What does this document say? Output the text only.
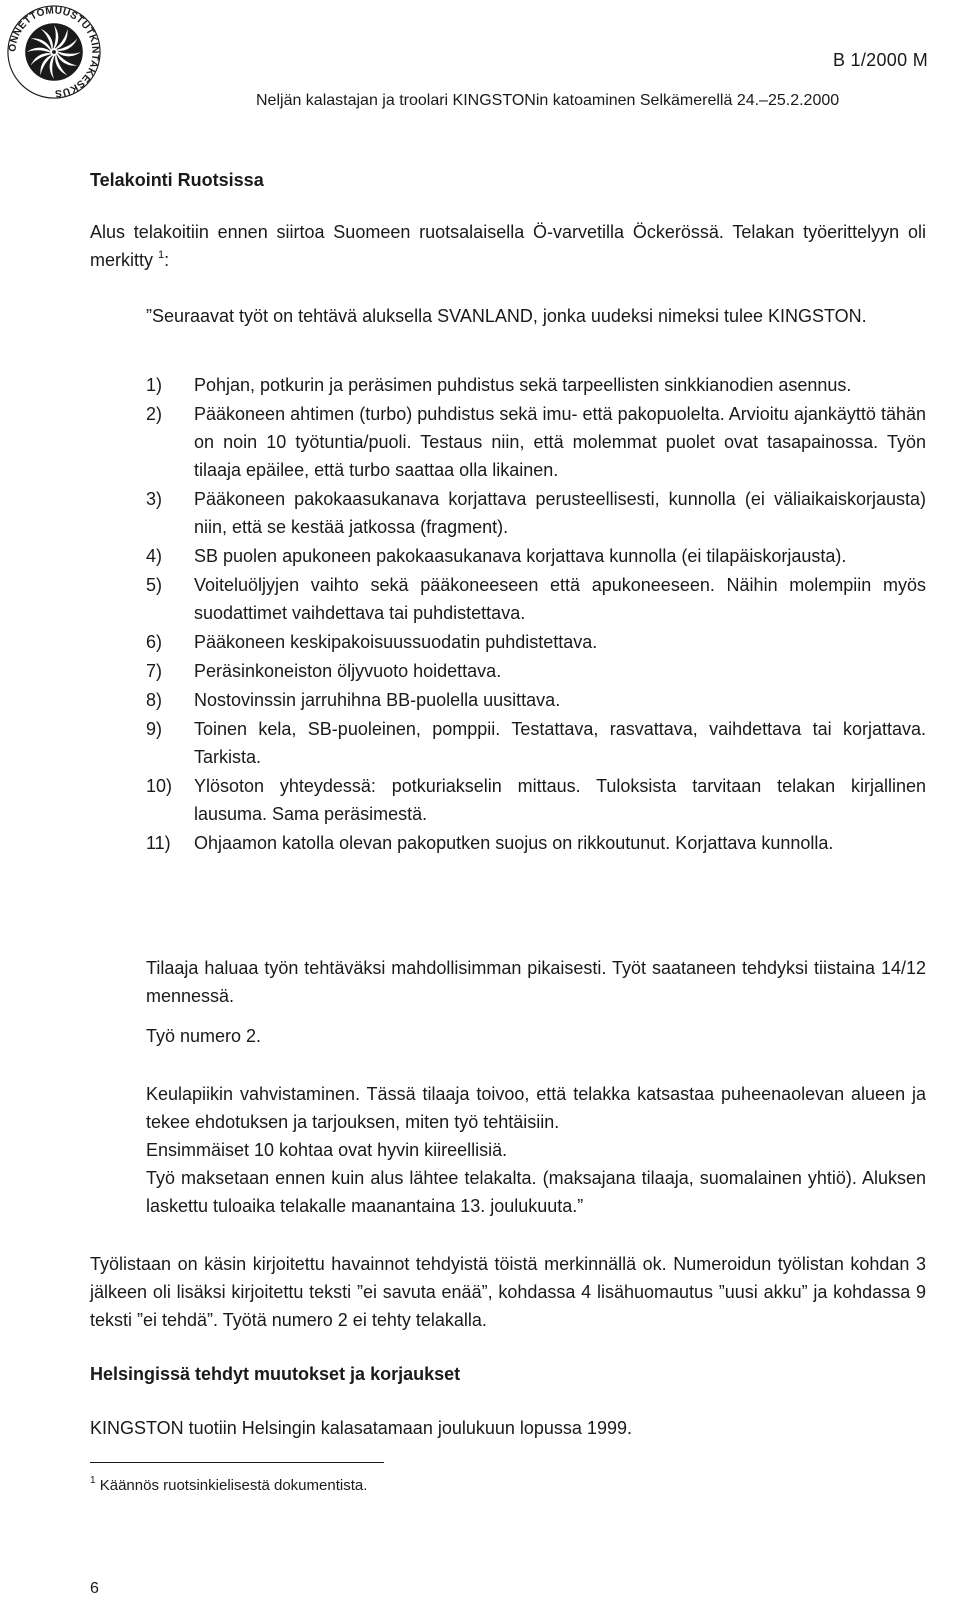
ONNETTOMUUSTUTKINTAKESKUS
B 1/2000 M
Neljän kalastajan ja troolari KINGSTONin katoaminen Selkämerellä 24.–25.2.2000
Telakointi Ruotsissa

Alus telakoitiin ennen siirtoa Suomeen ruotsalaisella Ö-varvetilla Öckerössä. Telakan työerittelyyn oli merkitty $^1$:

”Seuraavat työt on tehtävä aluksella SVANLAND, jonka uudeksi nimeksi tulee KINGSTON.

1) Pohjan, potkurin ja peräsimen puhdistus sekä tarpeellisten sinkkianodien asennus.
2) Pääkoneen ahtimen (turbo) puhdistus sekä imu- että pakopuolelta. Arvioitu ajankäyttö tähän on noin 10 työtuntia/puoli. Testaus niin, että molemmat puolet ovat tasapainossa. Työn tilaaja epäilee, että turbo saattaa olla likainen.
3) Pääkoneen pakokaasukanava korjattava perusteellisesti, kunnolla (ei väliaikaiskorjausta) niin, että se kestää jatkossa (fragment).
4) SB puolen apukoneen pakokaasukanava korjattava kunnolla (ei tilapäiskorjausta).
5) Voiteluöljyjen vaihto sekä pääkoneeseen että apukoneeseen. Näihin molempiin myös suodattimet vaihdettava tai puhdistettava.
6) Pääkoneen keskipakoisuussuodatin puhdistettava.
7) Peräsinkoneiston öljyvuoto hoidettava.
8) Nostovinssin jarruhihna BB-puolella uusittava.
9) Toinen kela, SB-puoleinen, pomppii. Testattava, rasvattava, vaihdettava tai korjattava. Tarkista.
10) Ylösoton yhteydessä: potkuriakselin mittaus. Tuloksista tarvitaan telakan kirjallinen lausuma. Sama peräsimestä.
11) Ohjaamon katolla olevan pakoputken suojus on rikkoutunut. Korjattava kunnolla.

Tilaaja haluaa työn tehtäväksi mahdollisimman pikaisesti. Työt saataneen tehdyksi tiistaina 14/12 mennessä.

Työ numero 2.

Keulapiikin vahvistaminen. Tässä tilaaja toivoo, että telakka katsastaa puheenaolevan alueen ja tekee ehdotuksen ja tarjouksen, miten työ tehtäisiin.

Ensimmäiset 10 kohtaa ovat hyvin kiireellisiä.

Työ maksetaan ennen kuin alus lähtee telakalta. (maksajana tilaaja, suomalainen yhtiö). Aluksen laskettu tuloaika telakalle maanantaina 13. joulukuuta.”

Työlistaan on käsin kirjoitettu havainnot tehdyistä töistä merkinnällä ok. Numeroidun työlistan kohdan 3 jälkeen oli lisäksi kirjoitettu teksti ”ei savuta enää”, kohdassa 4 lisähuomautus ”uusi akku” ja kohdassa 9 teksti ”ei tehdä”. Työtä numero 2 ei tehty telakalla.

Helsingissä tehdyt muutokset ja korjaukset

KINGSTON tuotiin Helsingin kalasatamaan joulukuun lopussa 1999.

$^1$ Käännös ruotsinkielisestä dokumentista.
6
